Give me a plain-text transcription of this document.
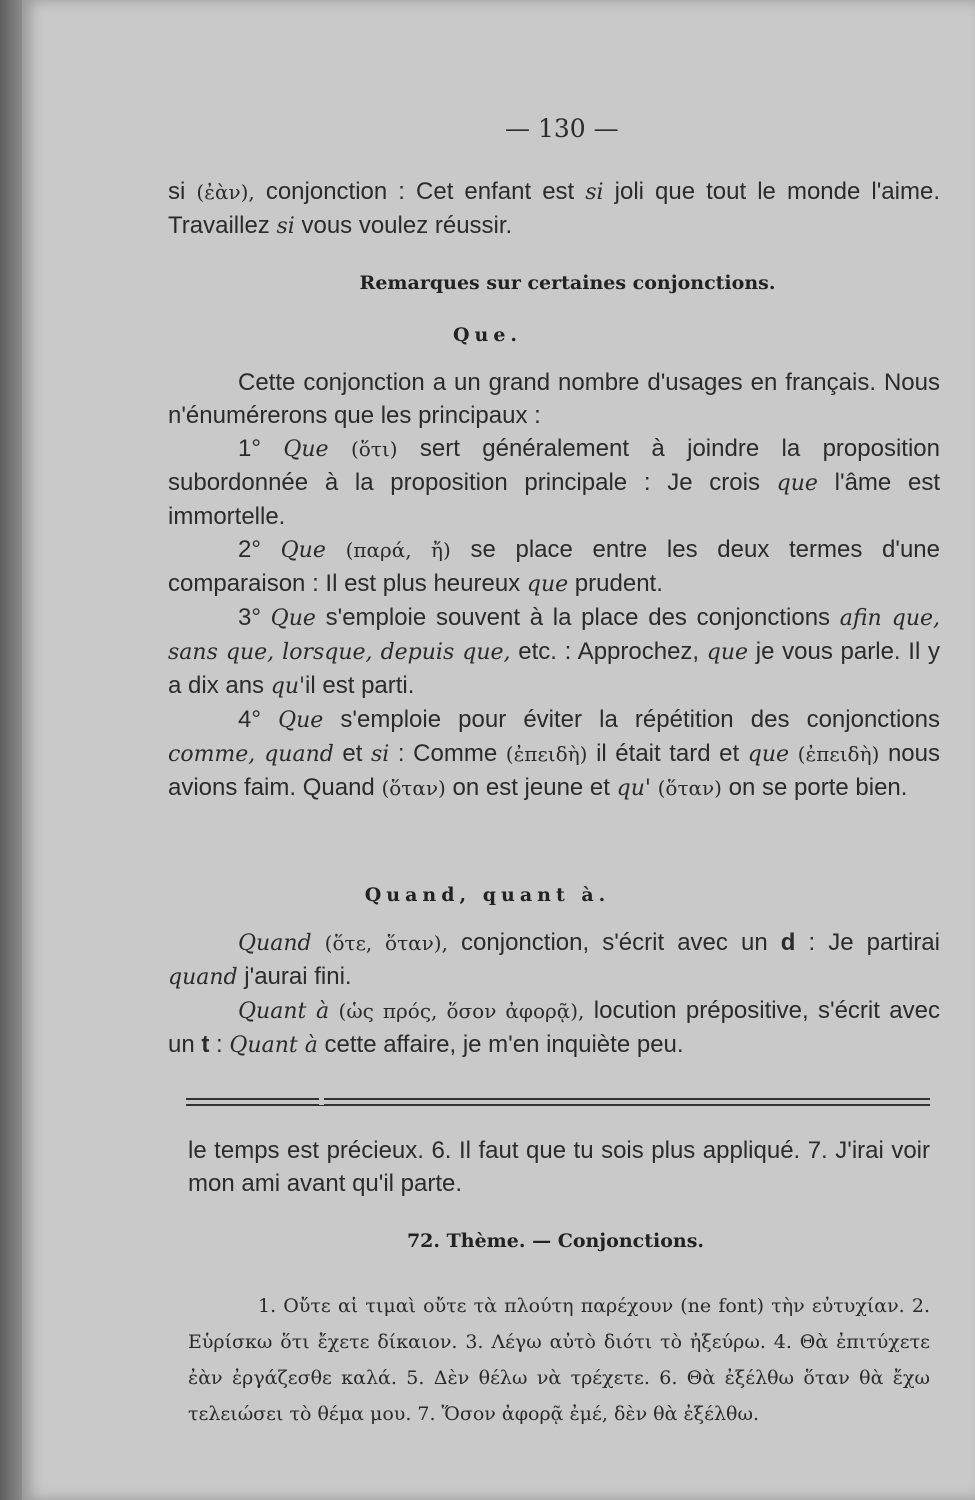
— 130 —

si (ἐὰν), conjonction : Cet enfant est si joli que tout le monde l'aime. Travaillez si vous voulez réussir.

Remarques sur certaines conjonctions.
Que.

Cette conjonction a un grand nombre d'usages en français. Nous n'énumérerons que les principaux :

1° Que (ὅτι) sert généralement à joindre la proposition subordonnée à la proposition principale : Je crois que l'âme est immortelle.

2° Que (παρά, ἤ) se place entre les deux termes d'une comparaison : Il est plus heureux que prudent.

3° Que s'emploie souvent à la place des conjonctions afin que, sans que, lorsque, depuis que, etc. : Approchez, que je vous parle. Il y a dix ans qu'il est parti.

4° Que s'emploie pour éviter la répétition des conjonctions comme, quand et si : Comme (ἐπειδὴ) il était tard et que (ἐπειδὴ) nous avions faim. Quand (ὅταν) on est jeune et qu' (ὅταν) on se porte bien.

Quand, quant à.

Quand (ὅτε, ὅταν), conjonction, s'écrit avec un d : Je partirai quand j'aurai fini.

Quant à (ὡς πρός, ὅσον ἀφορᾷ), locution prépositive, s'écrit avec un t : Quant à cette affaire, je m'en inquiète peu.

le temps est précieux. 6. Il faut que tu sois plus appliqué. 7. J'irai voir mon ami avant qu'il parte.
72. Thème. — Conjonctions.

1. Οὔτε αἱ τιμαὶ οὔτε τὰ πλούτη παρέχουν (ne font) τὴν εὐτυχίαν. 2. Εὑρίσκω ὅτι ἔχετε δίκαιον. 3. Λέγω αὐτὸ διότι τὸ ἠξεύρω. 4. Θὰ ἐπιτύχετε ἐὰν ἐργάζεσθε καλά. 5. Δὲν θέλω νὰ τρέχετε. 6. Θὰ ἐξέλθω ὅταν θὰ ἔχω τελειώσει τὸ θέμα μου. 7. Ὅσον ἀφορᾷ ἐμέ, δὲν θὰ ἐξέλθω.
